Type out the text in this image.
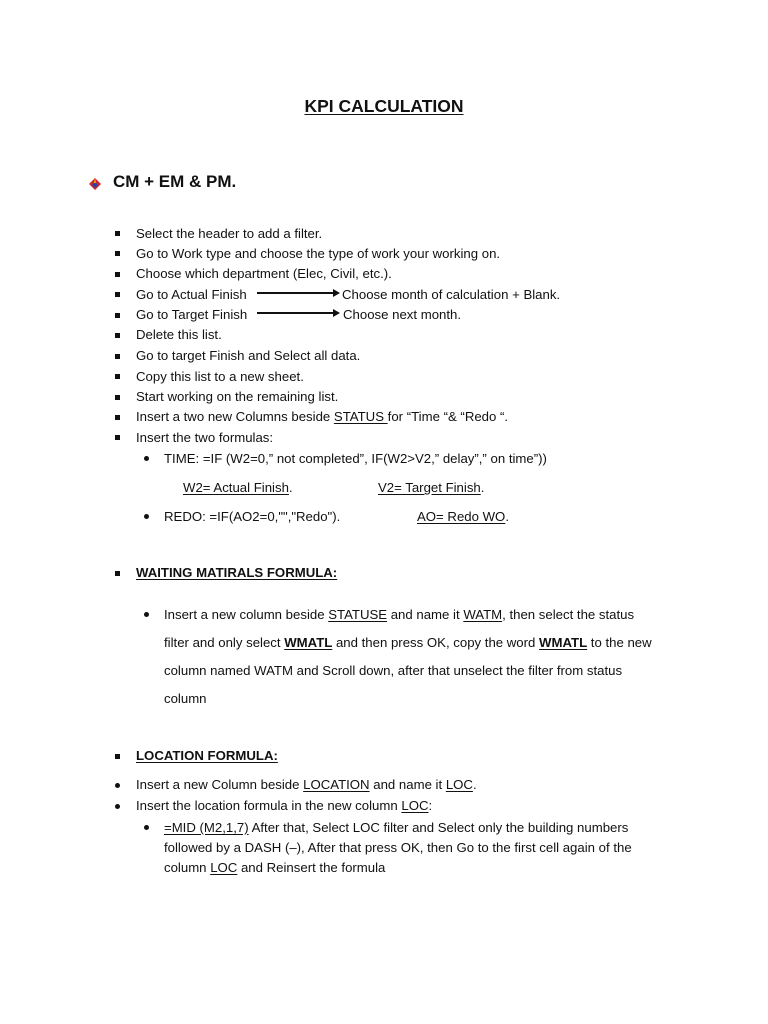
KPI CALCULATION
CM + EM & PM.
Select the header to add a filter.
Go to Work type and choose the type of work your working on.
Choose which department (Elec, Civil, etc.).
Go to Actual Finish	Choose month of calculation + Blank.
Go to Target Finish	Choose next month.
Delete this list.
Go to target Finish and Select all data.
Copy this list to a new sheet.
Start working on the remaining list.
Insert a two new Columns beside STATUS for “Time “& “Redo “.
Insert the two formulas:
TIME: =IF (W2=0,” not completed”, IF(W2>V2,” delay”,” on time”))
W2= Actual Finish.	V2= Target Finish.
REDO: =IF(AO2=0,"","Redo").	AO= Redo WO.
WAITING MATIRALS FORMULA:
Insert a new column beside STATUSE and name it WATM, then select the status
filter and only select WMATL and then press OK, copy the word WMATL to the new
column named WATM and Scroll down, after that unselect the filter from status
column
LOCATION FORMULA:
Insert a new Column beside LOCATION and name it LOC.
Insert the location formula in the new column LOC:
=MID (M2,1,7) After that, Select LOC filter and Select only the building numbers
followed by a DASH (–), After that press OK, then Go to the first cell again of the
column LOC and Reinsert the formula
